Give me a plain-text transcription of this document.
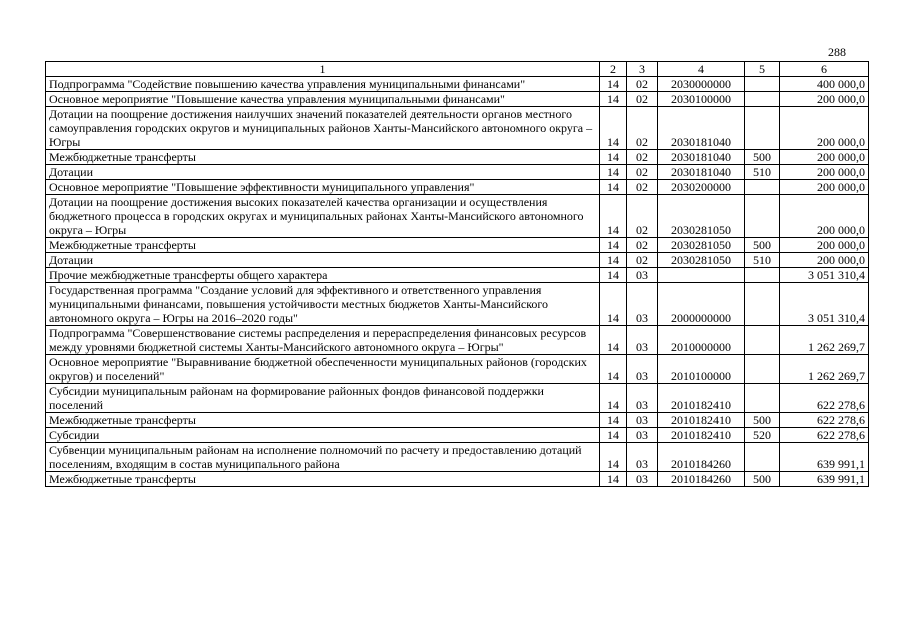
288
1	2	3	4	5	6
Подпрограмма "Содействие повышению качества управления муниципальными финансами"	14	02	2030000000		400 000,0
Основное мероприятие "Повышение качества управления муниципальными финансами"	14	02	2030100000		200 000,0
Дотации на поощрение достижения наилучших значений показателей деятельности органов местного самоуправления городских округов и муниципальных районов Ханты-Мансийского автономного округа – Югры	14	02	2030181040		200 000,0
Межбюджетные трансферты	14	02	2030181040	500	200 000,0
Дотации	14	02	2030181040	510	200 000,0
Основное мероприятие "Повышение эффективности муниципального управления"	14	02	2030200000		200 000,0
Дотации на поощрение достижения высоких показателей качества организации и осуществления бюджетного процесса в городских округах и муниципальных районах Ханты-Мансийского автономного округа – Югры	14	02	2030281050		200 000,0
Межбюджетные трансферты	14	02	2030281050	500	200 000,0
Дотации	14	02	2030281050	510	200 000,0
Прочие межбюджетные трансферты общего характера	14	03			3 051 310,4
Государственная программа "Создание условий для эффективного и ответственного управления муниципальными финансами, повышения устойчивости местных бюджетов Ханты-Мансийского автономного округа – Югры на 2016–2020 годы"	14	03	2000000000		3 051 310,4
Подпрограмма "Совершенствование системы распределения и перераспределения финансовых ресурсов между уровнями бюджетной системы Ханты-Мансийского автономного округа – Югры"	14	03	2010000000		1 262 269,7
Основное мероприятие "Выравнивание бюджетной обеспеченности муниципальных районов (городских округов) и поселений"	14	03	2010100000		1 262 269,7
Субсидии муниципальным районам на формирование районных фондов финансовой поддержки поселений	14	03	2010182410		622 278,6
Межбюджетные трансферты	14	03	2010182410	500	622 278,6
Субсидии	14	03	2010182410	520	622 278,6
Субвенции муниципальным районам на исполнение полномочий по расчету и предоставлению дотаций поселениям, входящим в состав муниципального района	14	03	2010184260		639 991,1
Межбюджетные трансферты	14	03	2010184260	500	639 991,1
